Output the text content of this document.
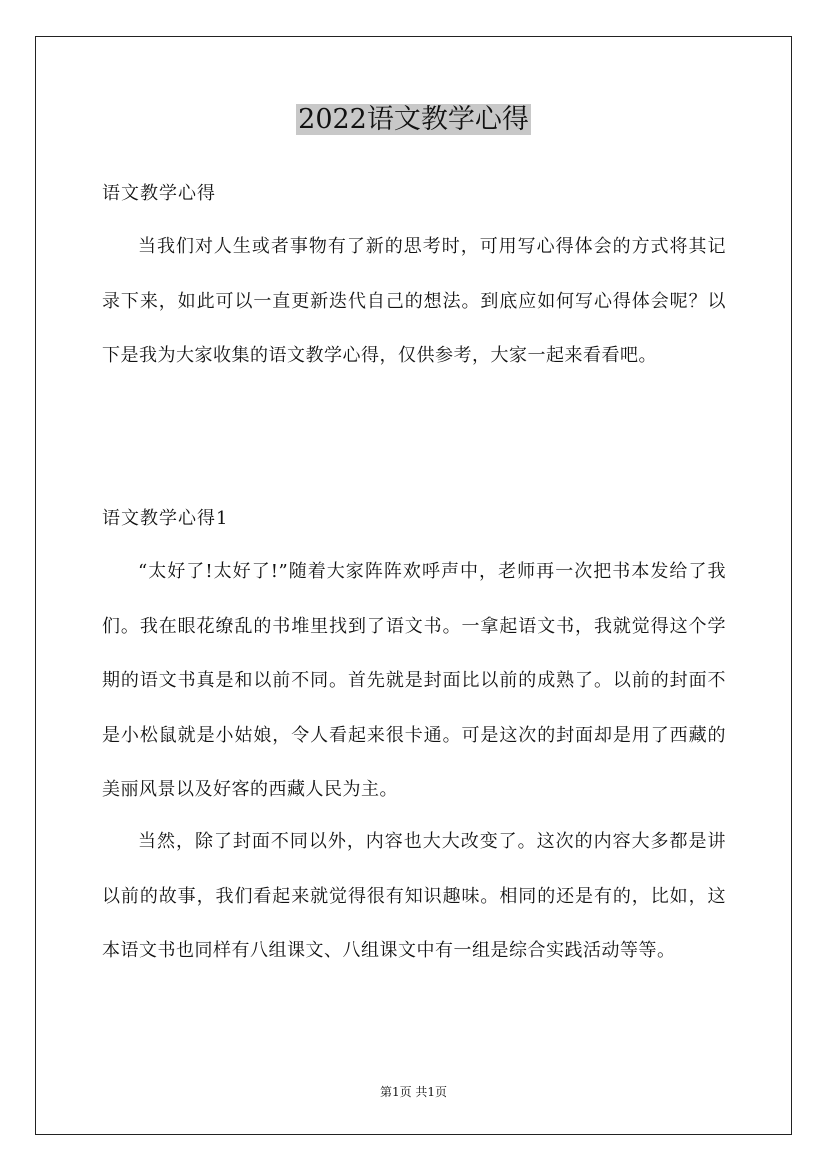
2022语文教学心得
语文教学心得

当我们对人生或者事物有了新的思考时，可用写心得体会的方式将其记录下来，如此可以一直更新迭代自己的想法。到底应如何写心得体会呢？以下是我为大家收集的语文教学心得，仅供参考，大家一起来看看吧。

语文教学心得1

“太好了!太好了!”随着大家阵阵欢呼声中，老师再一次把书本发给了我们。我在眼花缭乱的书堆里找到了语文书。一拿起语文书，我就觉得这个学期的语文书真是和以前不同。首先就是封面比以前的成熟了。以前的封面不是小松鼠就是小姑娘，令人看起来很卡通。可是这次的封面却是用了西藏的美丽风景以及好客的西藏人民为主。

当然，除了封面不同以外，内容也大大改变了。这次的内容大多都是讲以前的故事，我们看起来就觉得很有知识趣味。相同的还是有的，比如，这本语文书也同样有八组课文、八组课文中有一组是综合实践活动等等。

第1页 共1页
